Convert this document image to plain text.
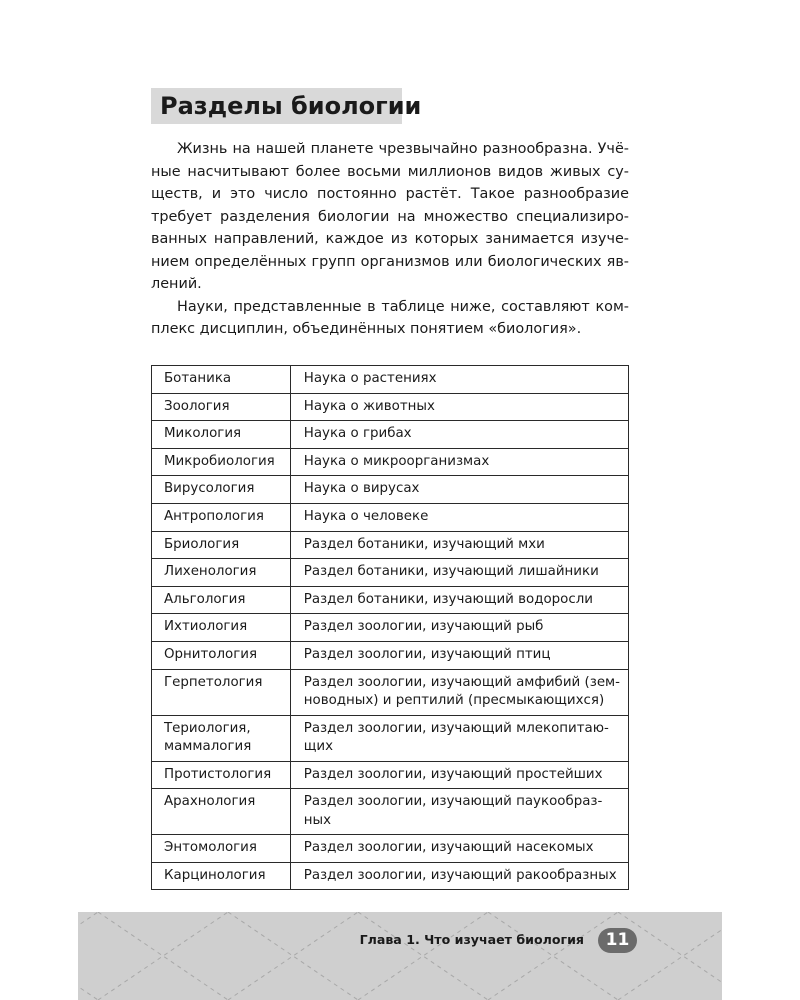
Разделы биологии
Жизнь на нашей планете чрезвычайно разнообразна. Учё-
ные насчитывают более восьми миллионов видов живых су-
ществ, и это число постоянно растёт. Такое разнообразие
требует разделения биологии на множество специализиро-
ванных направлений, каждое из которых занимается изуче-
нием определённых групп организмов или биологических яв-
лений.
Науки, представленные в таблице ниже, составляют ком-
плекс дисциплин, объединённых понятием «биология».
Ботаника	Наука о растениях

Зоология	Наука о животных

Микология	Наука о грибах

Микробиология	Наука о микроорганизмах

Вирусология	Наука о вирусах

Антропология	Наука о человеке

Бриология	Раздел ботаники, изучающий мхи

Лихенология	Раздел ботаники, изучающий лишайники

Альгология	Раздел ботаники, изучающий водоросли

Ихтиология	Раздел зоологии, изучающий рыб

Орнитология	Раздел зоологии, изучающий птиц

Герпетология	Раздел зоологии, изучающий амфибий (зем-
новодных) и рептилий (пресмыкающихся)

Териология,
маммалогия	Раздел зоологии, изучающий млекопитаю-
щих

Протистология	Раздел зоологии, изучающий простейших

Арахнология	Раздел зоологии, изучающий паукообраз-
ных

Энтомология	Раздел зоологии, изучающий насекомых

Карцинология	Раздел зоологии, изучающий ракообразных
Глава 1. Что изучает биология	11
